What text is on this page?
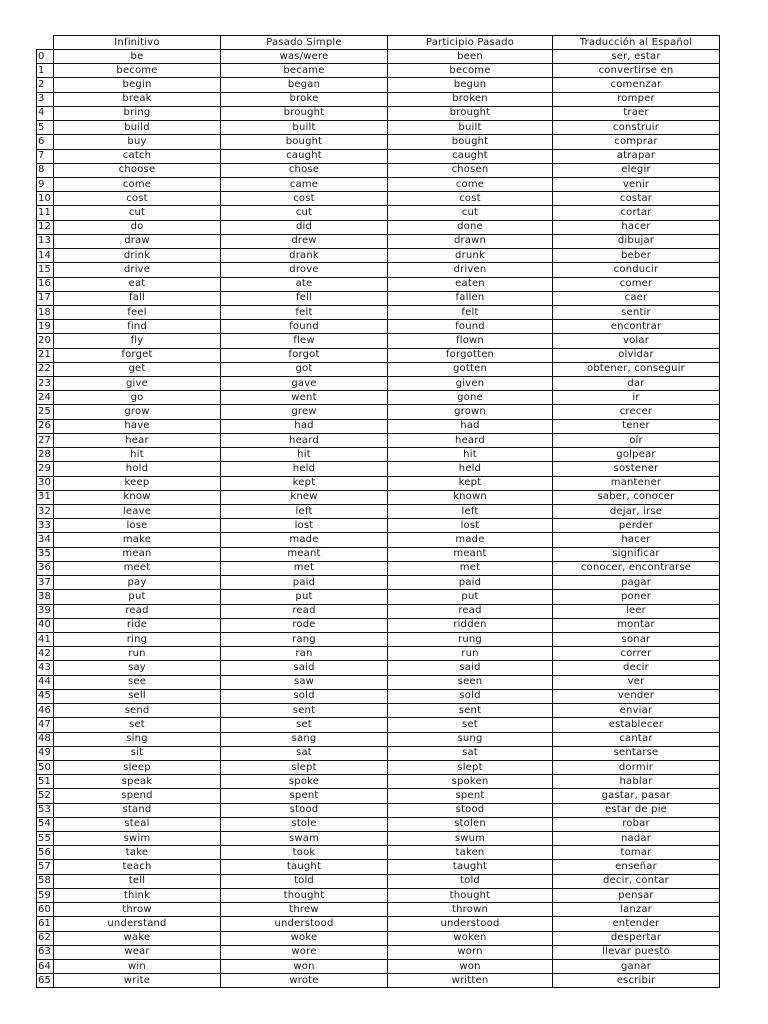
	Infinitivo	Pasado Simple	Participio Pasado	Traducción al Español
0	be	was/were	been	ser, estar
1	become	became	become	convertirse en
2	begin	began	begun	comenzar
3	break	broke	broken	romper
4	bring	brought	brought	traer
5	build	built	built	construir
6	buy	bought	bought	comprar
7	catch	caught	caught	atrapar
8	choose	chose	chosen	elegir
9	come	came	come	venir
10	cost	cost	cost	costar
11	cut	cut	cut	cortar
12	do	did	done	hacer
13	draw	drew	drawn	dibujar
14	drink	drank	drunk	beber
15	drive	drove	driven	conducir
16	eat	ate	eaten	comer
17	fall	fell	fallen	caer
18	feel	felt	felt	sentir
19	find	found	found	encontrar
20	fly	flew	flown	volar
21	forget	forgot	forgotten	olvidar
22	get	got	gotten	obtener, conseguir
23	give	gave	given	dar
24	go	went	gone	ir
25	grow	grew	grown	crecer
26	have	had	had	tener
27	hear	heard	heard	oír
28	hit	hit	hit	golpear
29	hold	held	held	sostener
30	keep	kept	kept	mantener
31	know	knew	known	saber, conocer
32	leave	left	left	dejar, irse
33	lose	lost	lost	perder
34	make	made	made	hacer
35	mean	meant	meant	significar
36	meet	met	met	conocer, encontrarse
37	pay	paid	paid	pagar
38	put	put	put	poner
39	read	read	read	leer
40	ride	rode	ridden	montar
41	ring	rang	rung	sonar
42	run	ran	run	correr
43	say	said	said	decir
44	see	saw	seen	ver
45	sell	sold	sold	vender
46	send	sent	sent	enviar
47	set	set	set	establecer
48	sing	sang	sung	cantar
49	sit	sat	sat	sentarse
50	sleep	slept	slept	dormir
51	speak	spoke	spoken	hablar
52	spend	spent	spent	gastar, pasar
53	stand	stood	stood	estar de pie
54	steal	stole	stolen	robar
55	swim	swam	swum	nadar
56	take	took	taken	tomar
57	teach	taught	taught	enseñar
58	tell	told	told	decir, contar
59	think	thought	thought	pensar
60	throw	threw	thrown	lanzar
61	understand	understood	understood	entender
62	wake	woke	woken	despertar
63	wear	wore	worn	llevar puesto
64	win	won	won	ganar
65	write	wrote	written	escribir
